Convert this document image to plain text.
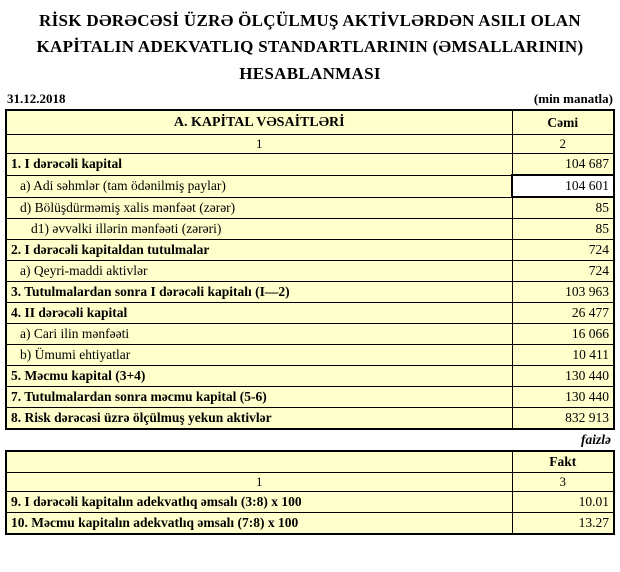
RİSK DƏRƏCƏSİ ÜZRƏ ÖLÇÜLMUŞ AKTİVLƏRDƏN ASILI OLAN
KAPİTALIN ADEKVATLIQ STANDARTLARININ (ƏMSALLARININ)
HESABLANMASI
31.12.2018	(min manatla)
A. KAPİTAL VƏSAİTLƏRİ	Cəmi
1	2
1. I dərəcəli kapital	104 687
a) Adi səhmlər (tam ödənilmiş paylar)	104 601
d) Bölüşdürməmiş xalis mənfəət (zərər)	85
d1) əvvəlki illərin mənfəəti (zərəri)	85
2. I dərəcəli kapitaldan tutulmalar	724
a) Qeyri-maddi aktivlər	724
3. Tutulmalardan sonra I dərəcəli kapitalı (I—2)	103 963
4. II dərəcəli kapital	26 477
a) Cari ilin mənfəəti	16 066
b) Ümumi ehtiyatlar	10 411
5. Məcmu kapital (3+4)	130 440
7. Tutulmalardan sonra məcmu kapital (5-6)	130 440
8. Risk dərəcəsi üzrə ölçülmuş yekun aktivlər	832 913
faizlə
	Fakt
1	3
9. I dərəcəli kapitalın adekvatlıq əmsalı (3:8) x 100	10.01
10. Məcmu kapitalın adekvatlıq əmsalı (7:8) x 100	13.27
